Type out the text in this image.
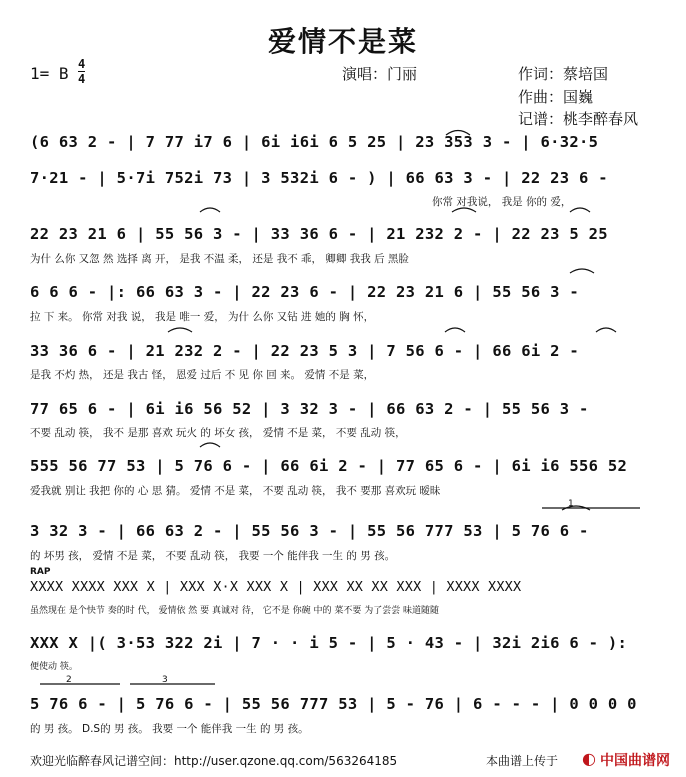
爱情不是菜
1= B 4
4	演唱：门丽	作词：蔡培国
作曲：国巍
记谱：桃李醉春风
(6 63 2 - | 7 77 i7 6 | 6i i6i 6 5 25 | 23 353 3 - | 6·32·5
7·21 - | 5·7i 752i 73 | 3 532i 6 - ) | 66 63 3 - | 22 23 6 -
你常 对我说， 我是 你的 爱，
22 23 21 6 | 55 56 3 - | 33 36 6 - | 21 232 2 - | 22 23 5 25
为什 么你 又忽 然 选择 离 开， 是我 不温 柔， 还是 我不 乖， 卿卿 我我 后 黑脸
6 6 6 - |: 66 63 3 - | 22 23 6 - | 22 23 21 6 | 55 56 3 -
拉 下 来。 你常 对我 说， 我是 唯一 爱， 为什 么你 又钻 进 她的 胸 怀，
33 36 6 - | 21 232 2 - | 22 23 5 3 | 7 56 6 - | 66 6i 2 -
是我 不灼 热， 还是 我古 怪， 恩爱 过后 不 见 你 回 来。 爱情 不是 菜，
77 65 6 - | 6i i6 56 52 | 3 32 3 - | 66 63 2 - | 55 56 3 -
不要 乱动 筷， 我不 是那 喜欢 玩火 的 坏女 孩， 爱情 不是 菜， 不要 乱动 筷，
555 56 77 53 | 5 76 6 - | 66 6i 2 - | 77 65 6 - | 6i i6 556 52
爱我就 别让 我把 你的 心 思 猜。 爱情 不是 菜， 不要 乱动 筷， 我不 要那 喜欢玩 暧昧
3 32 3 - | 66 63 2 - | 55 56 3 - | 55 56 777 53 | 5 76 6 -
的 坏男 孩， 爱情 不是 菜， 不要 乱动 筷， 我要 一个 能伴我 一生 的 男 孩。
RAP
XXXX XXXX XXX X | XXX X·X XXX X | XXX XX XX XXX | XXXX XXXX
虽然现在 是个快节 奏的时 代， 爱情依 然 要 真诚对 待， 它不是 你碗 中的 菜不要 为了尝尝 味道随随
XXX X |( 3·53 322 2i | 7 · · i 5 - | 5 · 43 - | 32i 2i6 6 - ):
便使动 筷。
5 76 6 - | 5 76 6 - | 55 56 777 53 | 5 - 76 | 6 - - - | 0 0 0 0
的 男 孩。 D.S的 男 孩。 我要 一个 能伴我 一生 的 男 孩。
1
2	3
欢迎光临醉春风记谱空间：http://user.qzone.qq.com/563264185	本曲谱上传于 ◐ 中国曲谱网
